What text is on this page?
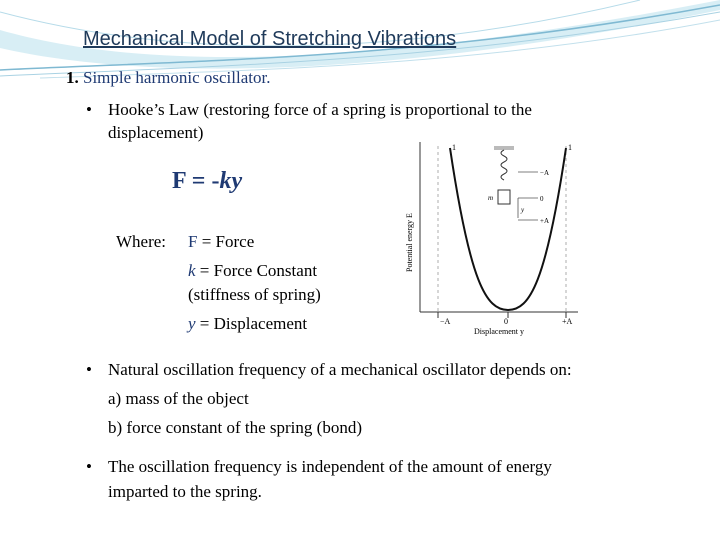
Mechanical Model of Stretching Vibrations
1. Simple harmonic oscillator.
• Hooke’s Law (restoring force of a spring is proportional to the
displacement)
F = -ky
Where: F = Force
k = Force Constant
(stiffness of spring)
y = Displacement
−A
0
+A
y
m
1	1
Potential energy E
−A	0	+A
Displacement y
• Natural oscillation frequency of a mechanical oscillator depends on:
a) mass of the object
b) force constant of the spring (bond)
• The oscillation frequency is independent of the amount of energy
imparted to the spring.
